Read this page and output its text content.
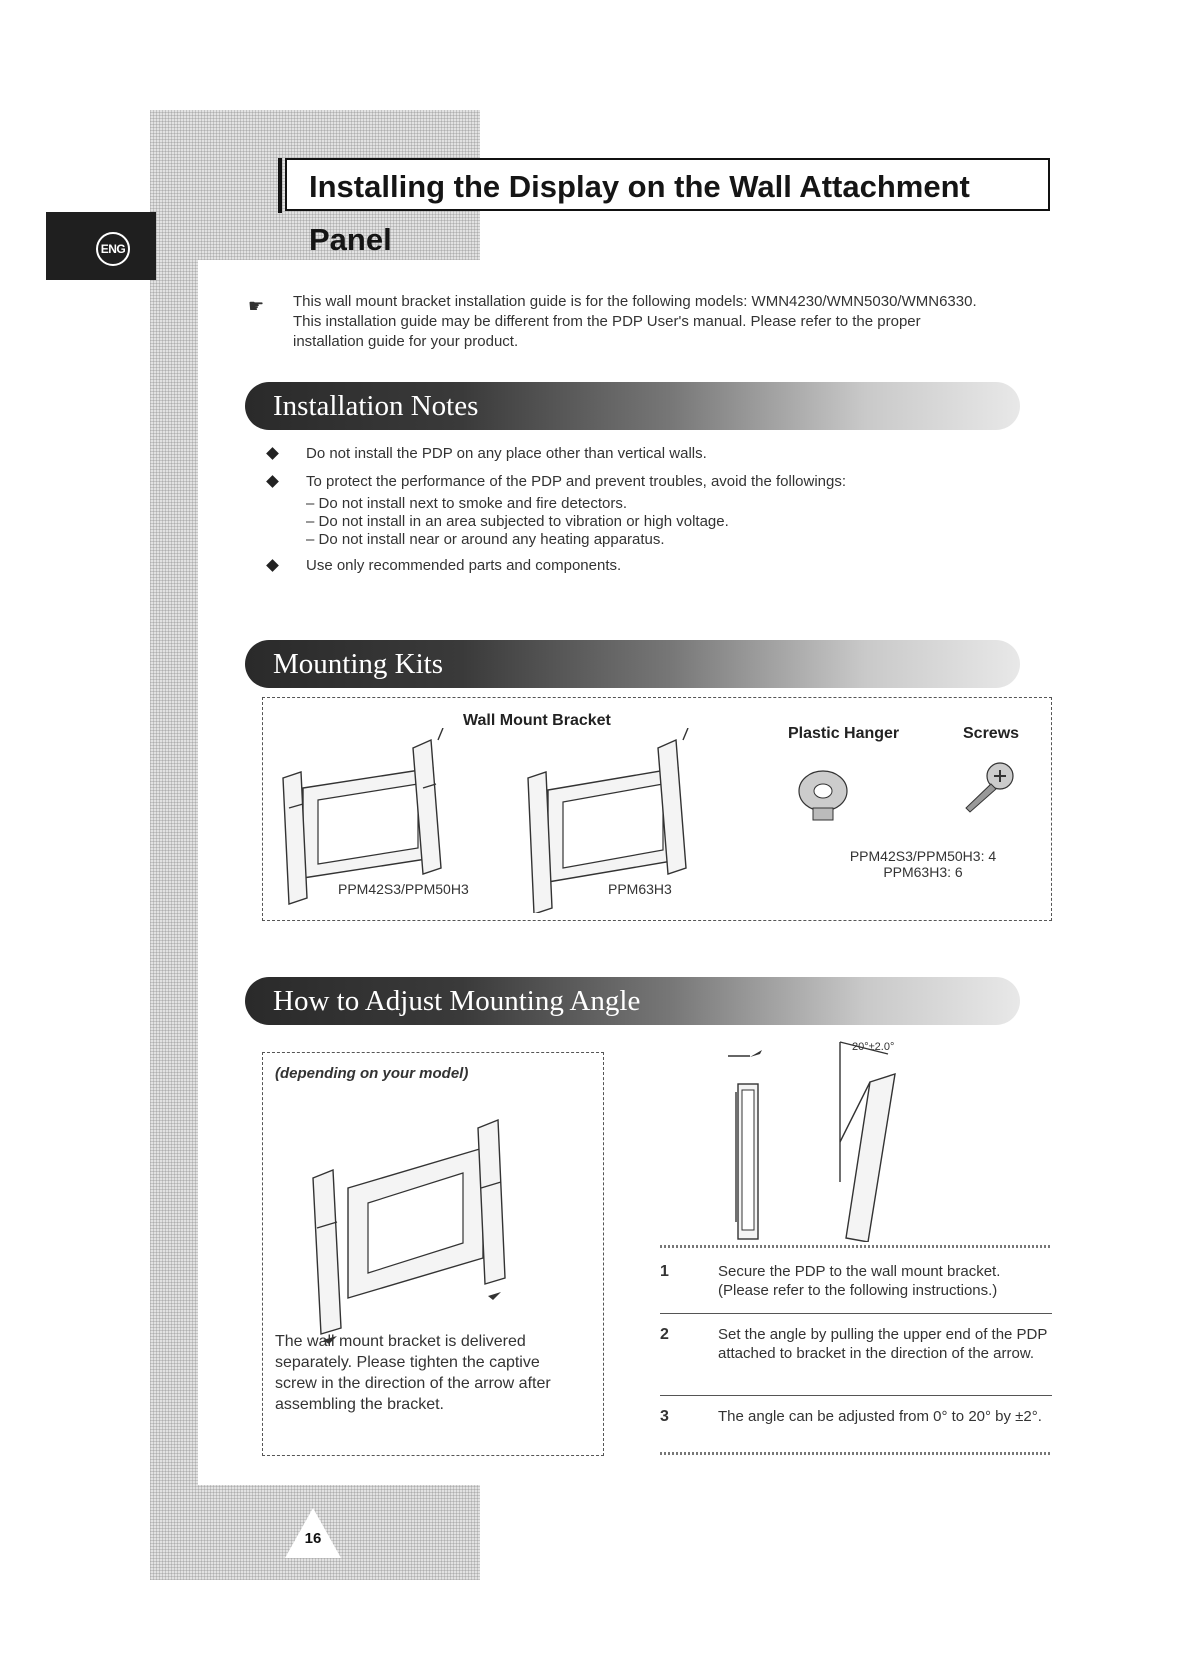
ENG
Installing the Display on the Wall Attachment Panel
☛ This wall mount bracket installation guide is for the following models: WMN4230/WMN5030/WMN6330.
This installation guide may be different from the PDP User's manual. Please refer to the proper
installation guide for your product.
Installation Notes
Do not install the PDP on any place other than vertical walls.
To protect the performance of the PDP and prevent troubles, avoid the followings:
– Do not install next to smoke and fire detectors.
– Do not install in an area subjected to vibration or high voltage.
– Do not install near or around any heating apparatus.
Use only recommended parts and components.
Mounting Kits
Wall Mount Bracket
Plastic Hanger	Screws
PPM42S3/PPM50H3	PPM63H3
PPM42S3/PPM50H3: 4
PPM63H3: 6
How to Adjust Mounting Angle
(depending on your model)
The wall mount bracket is delivered separately. Please tighten the captive screw in the direction of the arrow after assembling the bracket.
20°±2.0°
1	Secure the PDP to the wall mount bracket. (Please refer to the following instructions.)
2	Set the angle by pulling the upper end of the PDP attached to bracket in the direction of the arrow.
3	The angle can be adjusted from 0° to 20° by ±2°.
16
